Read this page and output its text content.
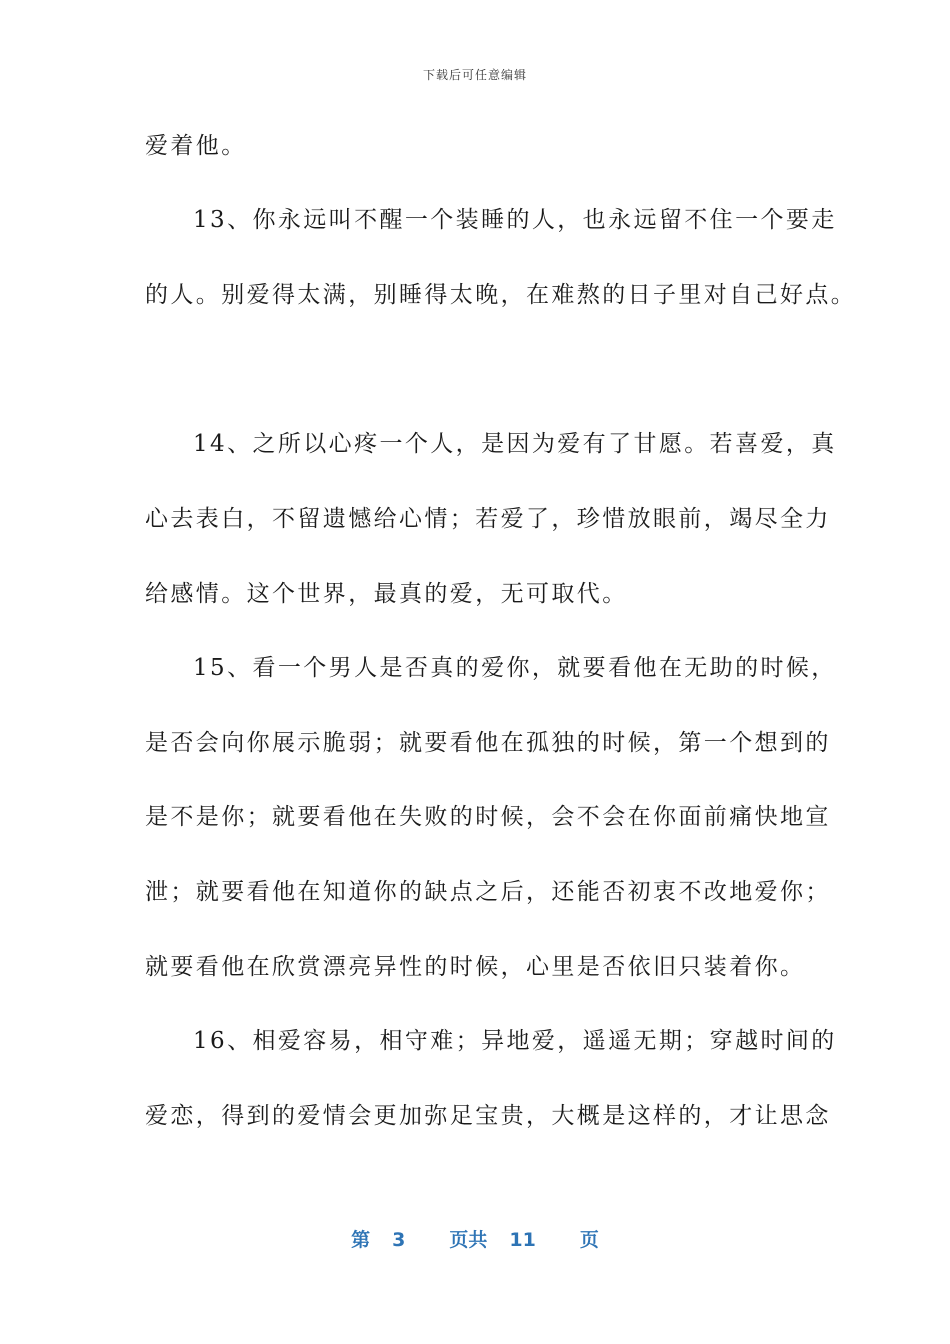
下载后可任意编辑
爱着他。
13、你永远叫不醒一个装睡的人，也永远留不住一个要走
的人。别爱得太满，别睡得太晚，在难熬的日子里对自己好点。
14、之所以心疼一个人，是因为爱有了甘愿。若喜爱，真
心去表白，不留遗憾给心情；若爱了，珍惜放眼前，竭尽全力
给感情。这个世界，最真的爱，无可取代。
15、看一个男人是否真的爱你，就要看他在无助的时候，
是否会向你展示脆弱；就要看他在孤独的时候，第一个想到的
是不是你；就要看他在失败的时候，会不会在你面前痛快地宣
泄；就要看他在知道你的缺点之后，还能否初衷不改地爱你；
就要看他在欣赏漂亮异性的时候，心里是否依旧只装着你。
16、相爱容易，相守难；异地爱，遥遥无期；穿越时间的
爱恋，得到的爱情会更加弥足宝贵，大概是这样的，才让思念
第 3 页共 11 页
